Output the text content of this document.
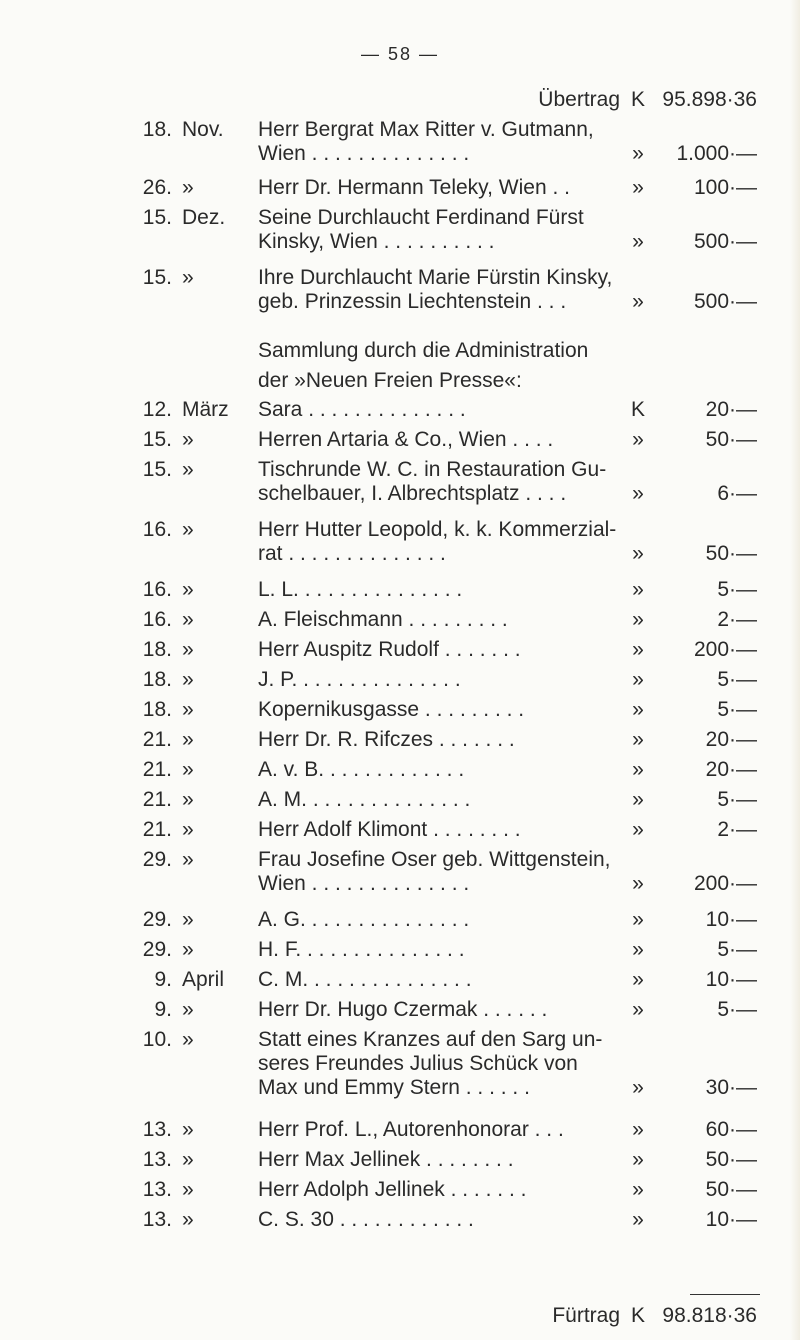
— 58 —
Übertrag K 95.898·36
18. Nov. Herr Bergrat Max Ritter v. Gutmann,
Wien . . . . . . . . . . . . . .	»	1.000·—
26. »	Herr Dr. Hermann Teleky, Wien . .	»	100·—
15. Dez. Seine Durchlaucht Ferdinand Fürst
Kinsky, Wien . . . . . . . . . .	»	500·—
15. »	Ihre Durchlaucht Marie Fürstin Kinsky,
geb. Prinzessin Liechtenstein . . .	»	500·—
Sammlung durch die Administration
der »Neuen Freien Presse«:
12. März Sara . . . . . . . . . . . . . .	K	20·—
15. »	Herren Artaria & Co., Wien . . . .	»	50·—
15. »	Tischrunde W. C. in Restauration Gu-
schelbauer, I. Albrechtsplatz . . . .	»	6·—
16. »	Herr Hutter Leopold, k. k. Kommerzial-
rat . . . . . . . . . . . . . .	»	50·—
16. »	L. L. . . . . . . . . . . . . . .	»	5·—
16. »	A. Fleischmann . . . . . . . . .	»	2·—
18. »	Herr Auspitz Rudolf . . . . . . .	»	200·—
18. »	J. P. . . . . . . . . . . . . . .	»	5·—
18. »	Kopernikusgasse . . . . . . . . .	»	5·—
21. »	Herr Dr. R. Rifczes . . . . . . .	»	20·—
21. »	A. v. B. . . . . . . . . . . . .	»	20·—
21. »	A. M. . . . . . . . . . . . . . .	»	5·—
21. »	Herr Adolf Klimont . . . . . . . .	»	2·—
29. »	Frau Josefine Oser geb. Wittgenstein,
Wien . . . . . . . . . . . . . .	»	200·—
29. »	A. G. . . . . . . . . . . . . . .	»	10·—
29. »	H. F. . . . . . . . . . . . . . .	»	5·—
9. April C. M. . . . . . . . . . . . . . .	»	10·—
9. »	Herr Dr. Hugo Czermak . . . . . .	»	5·—
10. »	Statt eines Kranzes auf den Sarg un-
seres Freundes Julius Schück von
Max und Emmy Stern . . . . . .	»	30·—
13. »	Herr Prof. L., Autorenhonorar . . .	»	60·—
13. »	Herr Max Jellinek . . . . . . . .	»	50·—
13. »	Herr Adolph Jellinek . . . . . . .	»	50·—
13. »	C. S. 30 . . . . . . . . . . . .	»	10·—
Fürtrag K 98.818·36
